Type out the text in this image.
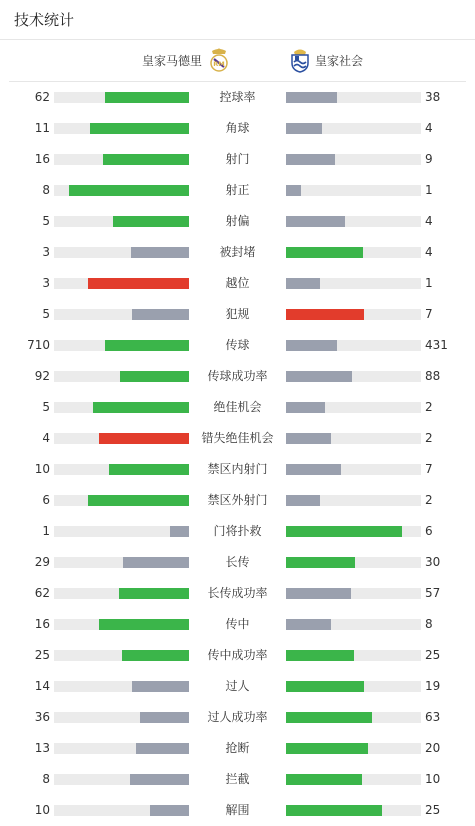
技术统计
皇家马德里 RM	皇家社会
62	控球率	38
11	角球	4
16	射门	9
8	射正	1
5	射偏	4
3	被封堵	4
3	越位	1
5	犯规	7
710	传球	431
92	传球成功率	88
5	绝佳机会	2
4	错失绝佳机会	2
10	禁区内射门	7
6	禁区外射门	2
1	门将扑救	6
29	长传	30
62	长传成功率	57
16	传中	8
25	传中成功率	25
14	过人	19
36	过人成功率	63
13	抢断	20
8	拦截	10
10	解围	25
